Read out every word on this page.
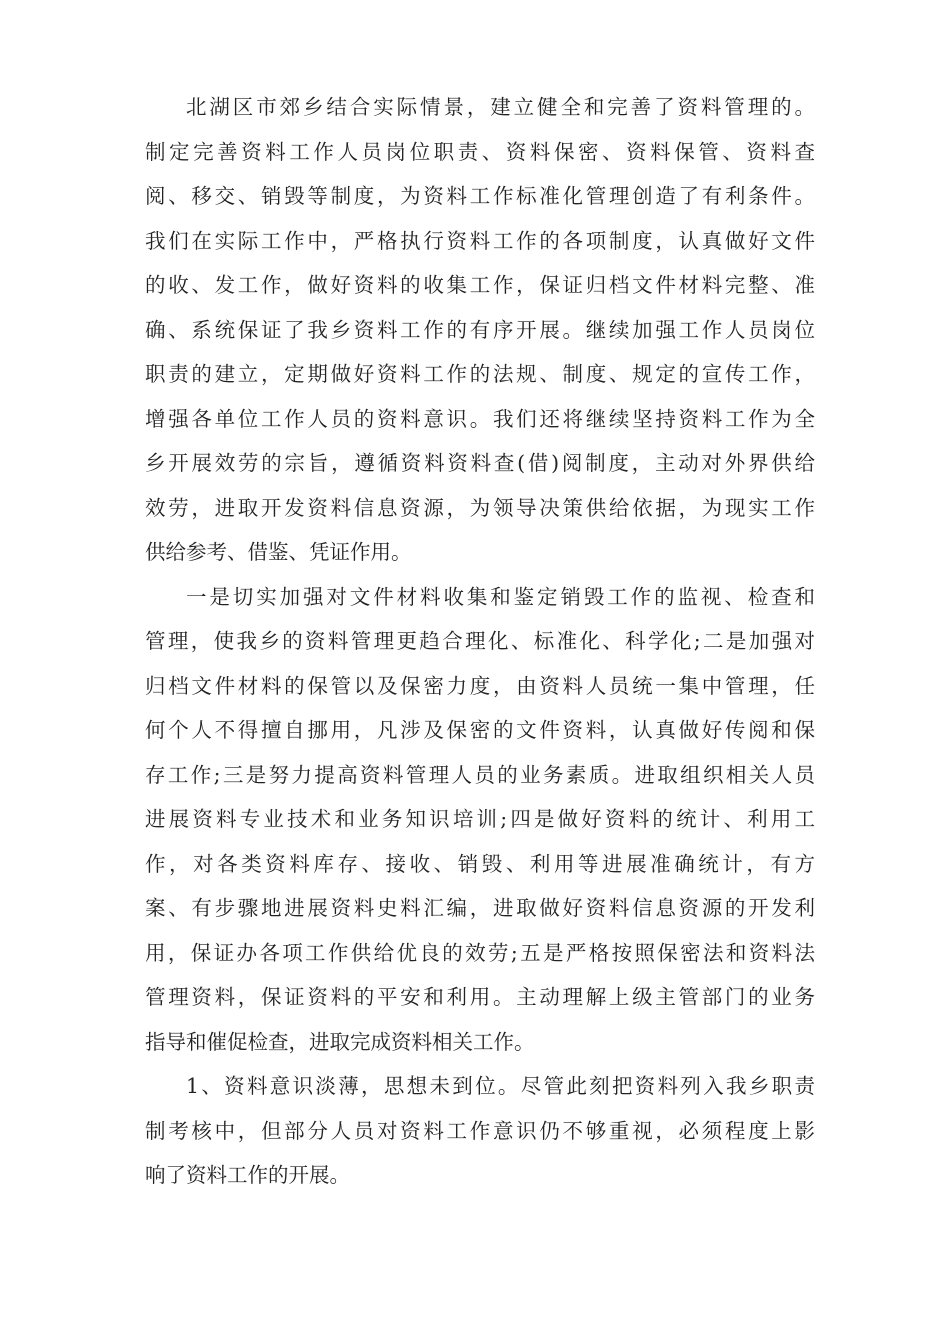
北湖区市郊乡结合实际情景，建立健全和完善了资料管理的。
制定完善资料工作人员岗位职责、资料保密、资料保管、资料查
阅、移交、销毁等制度，为资料工作标准化管理创造了有利条件。
我们在实际工作中，严格执行资料工作的各项制度，认真做好文件
的收、发工作，做好资料的收集工作，保证归档文件材料完整、准
确、系统保证了我乡资料工作的有序开展。继续加强工作人员岗位
职责的建立，定期做好资料工作的法规、制度、规定的宣传工作，
增强各单位工作人员的资料意识。我们还将继续坚持资料工作为全
乡开展效劳的宗旨，遵循资料资料查(借)阅制度，主动对外界供给
效劳，进取开发资料信息资源，为领导决策供给依据，为现实工作
供给参考、借鉴、凭证作用。
一是切实加强对文件材料收集和鉴定销毁工作的监视、检查和
管理，使我乡的资料管理更趋合理化、标准化、科学化;二是加强对
归档文件材料的保管以及保密力度，由资料人员统一集中管理，任
何个人不得擅自挪用，凡涉及保密的文件资料，认真做好传阅和保
存工作;三是努力提高资料管理人员的业务素质。进取组织相关人员
进展资料专业技术和业务知识培训;四是做好资料的统计、利用工
作，对各类资料库存、接收、销毁、利用等进展准确统计，有方
案、有步骤地进展资料史料汇编，进取做好资料信息资源的开发利
用，保证办各项工作供给优良的效劳;五是严格按照保密法和资料法
管理资料，保证资料的平安和利用。主动理解上级主管部门的业务
指导和催促检查，进取完成资料相关工作。
1、资料意识淡薄，思想未到位。尽管此刻把资料列入我乡职责
制考核中，但部分人员对资料工作意识仍不够重视，必须程度上影
响了资料工作的开展。
